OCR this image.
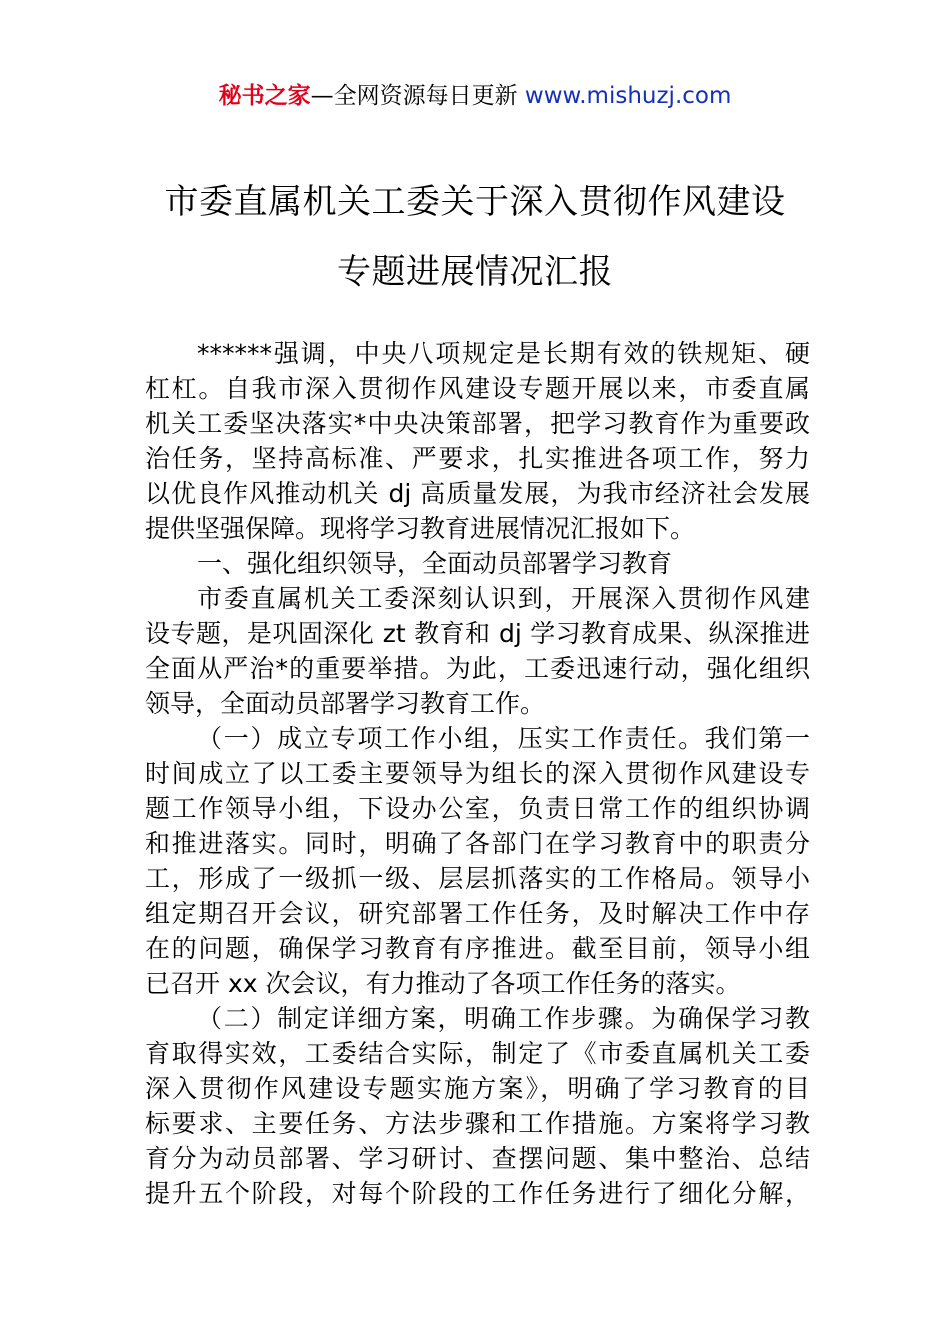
秘书之家—全网资源每日更新 www.mishuzj.com
市委直属机关工委关于深入贯彻作风建设
专题进展情况汇报
******强调，中央八项规定是长期有效的铁规矩、硬
杠杠。自我市深入贯彻作风建设专题开展以来，市委直属
机关工委坚决落实*中央决策部署，把学习教育作为重要政
治任务，坚持高标准、严要求，扎实推进各项工作，努力
以优良作风推动机关 dj 高质量发展，为我市经济社会发展
提供坚强保障。现将学习教育进展情况汇报如下。
一、强化组织领导，全面动员部署学习教育
市委直属机关工委深刻认识到，开展深入贯彻作风建
设专题，是巩固深化 zt 教育和 dj 学习教育成果、纵深推进
全面从严治*的重要举措。为此，工委迅速行动，强化组织
领导，全面动员部署学习教育工作。
（一）成立专项工作小组，压实工作责任。我们第一
时间成立了以工委主要领导为组长的深入贯彻作风建设专
题工作领导小组，下设办公室，负责日常工作的组织协调
和推进落实。同时，明确了各部门在学习教育中的职责分
工，形成了一级抓一级、层层抓落实的工作格局。领导小
组定期召开会议，研究部署工作任务，及时解决工作中存
在的问题，确保学习教育有序推进。截至目前，领导小组
已召开 xx 次会议，有力推动了各项工作任务的落实。
（二）制定详细方案，明确工作步骤。为确保学习教
育取得实效，工委结合实际，制定了《市委直属机关工委
深入贯彻作风建设专题实施方案》，明确了学习教育的目
标要求、主要任务、方法步骤和工作措施。方案将学习教
育分为动员部署、学习研讨、查摆问题、集中整治、总结
提升五个阶段，对每个阶段的工作任务进行了细化分解，
